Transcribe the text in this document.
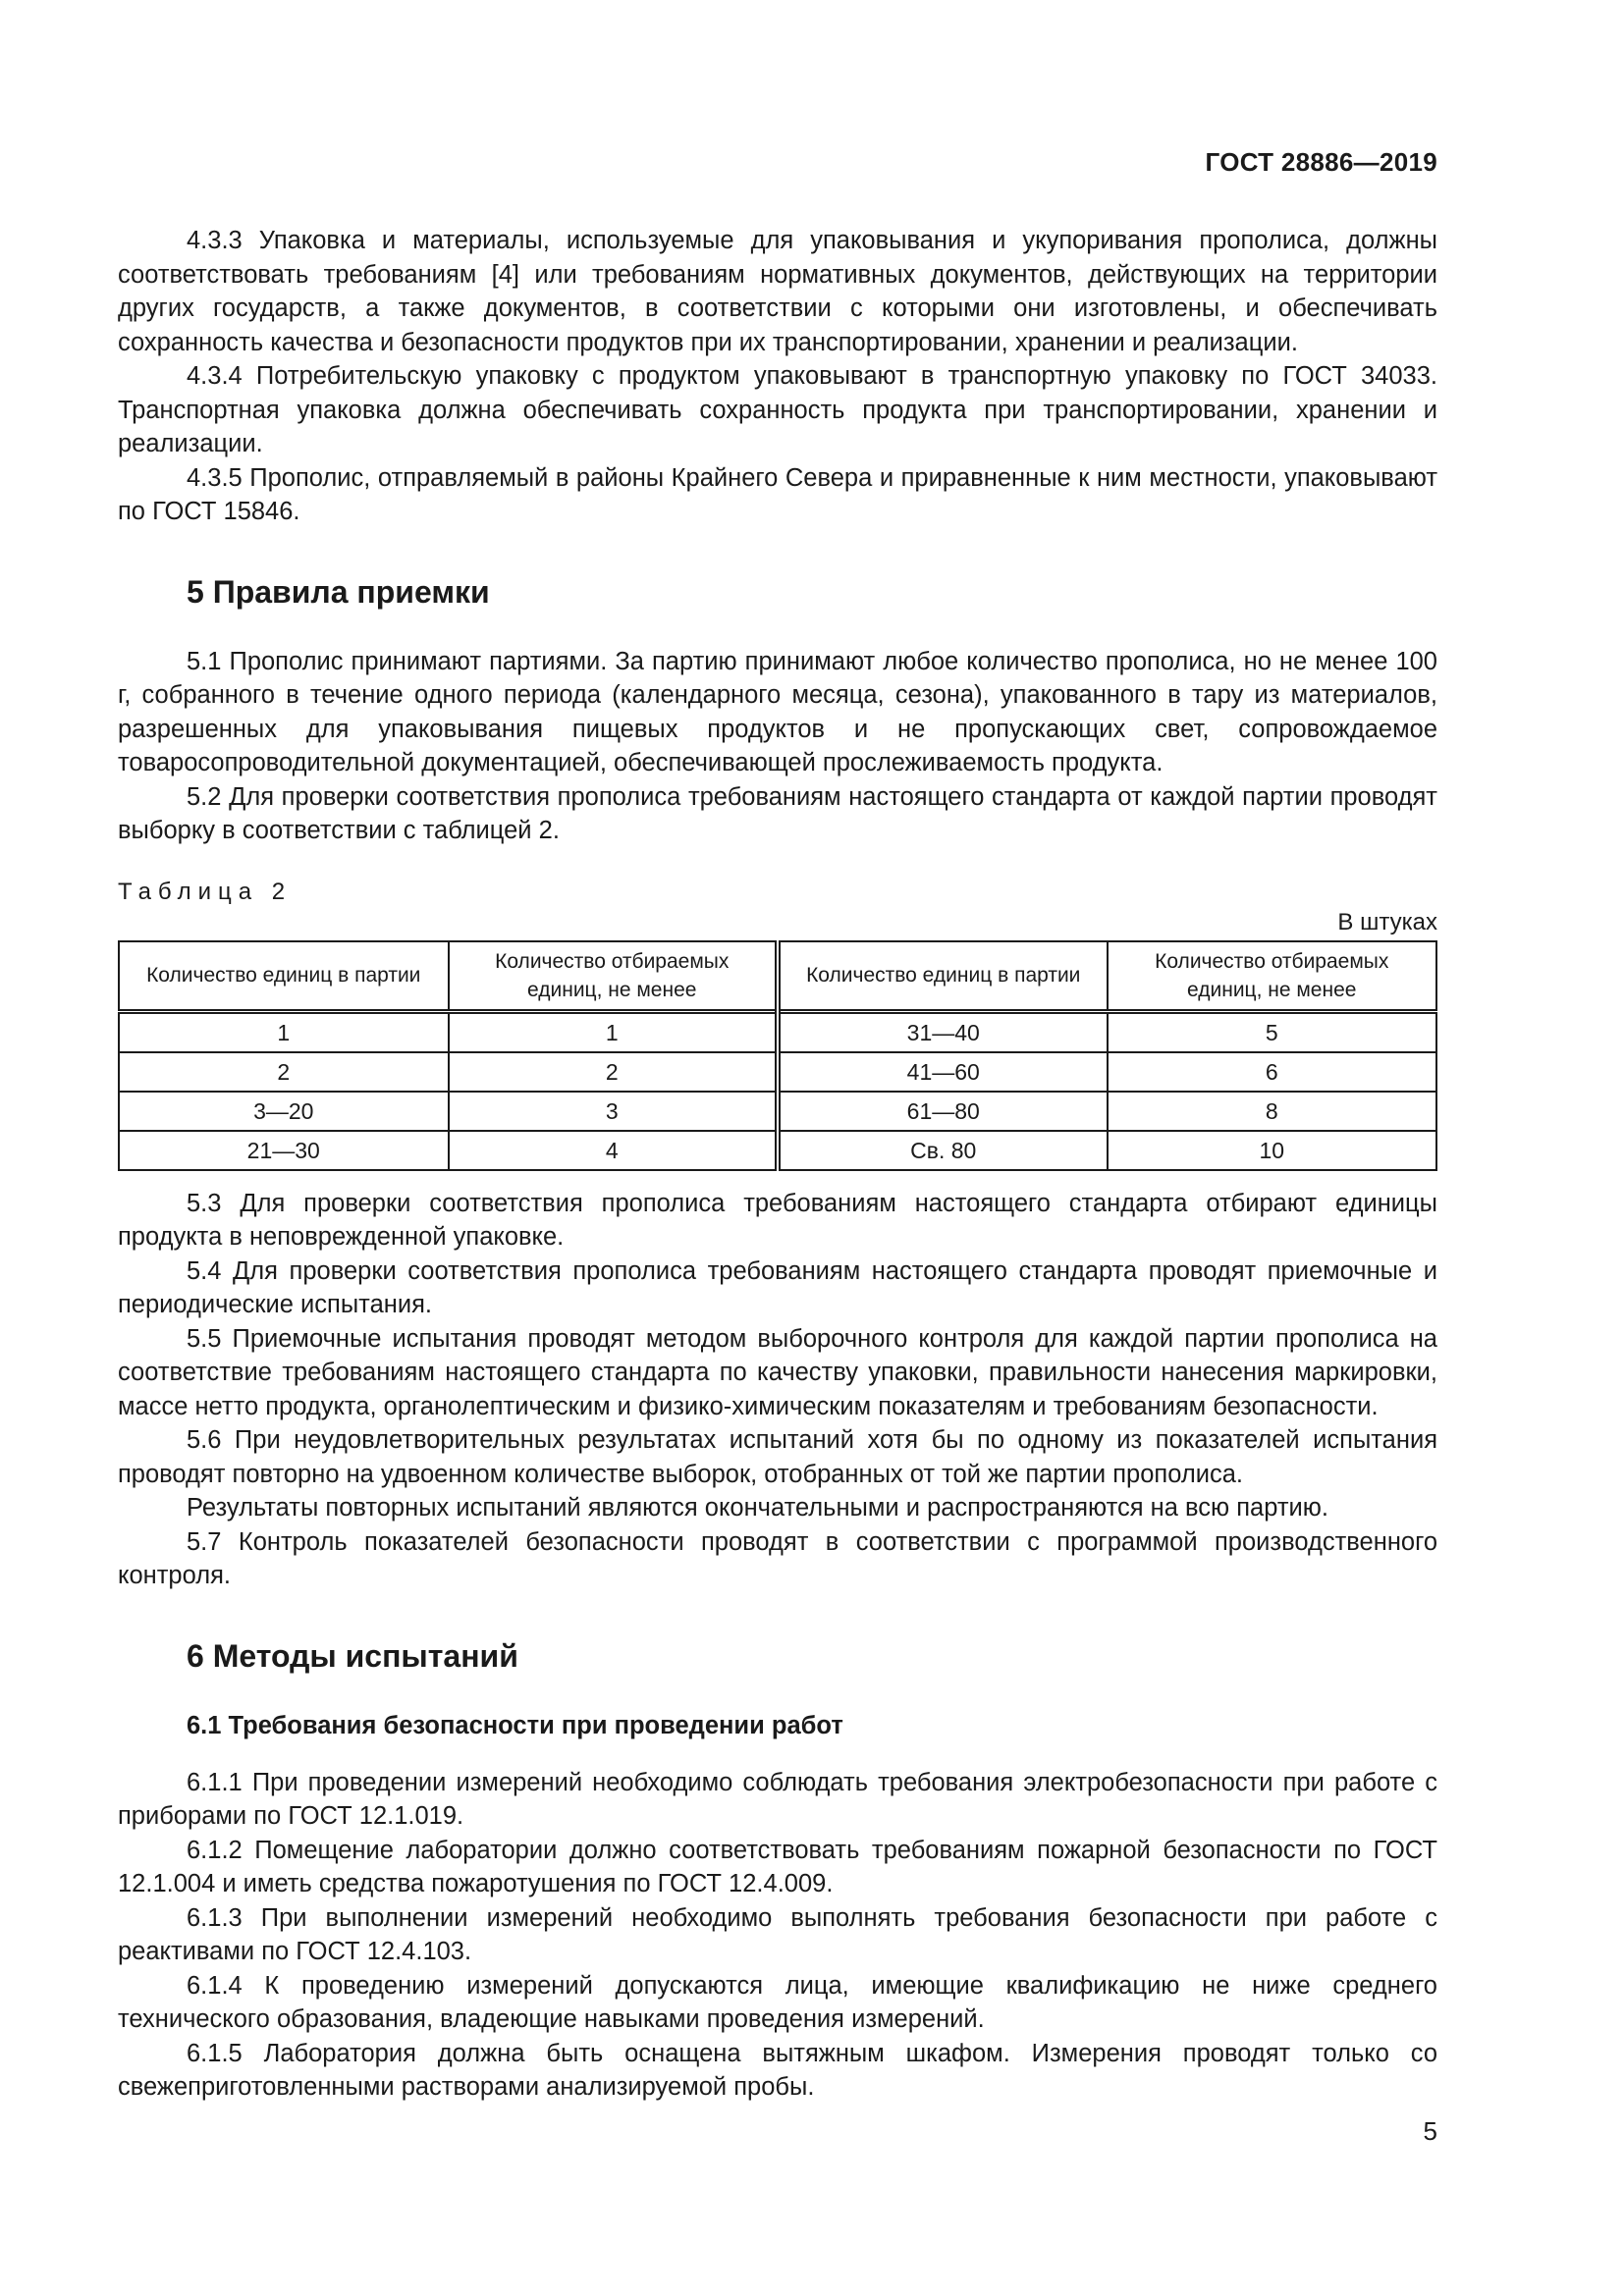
ГОСТ 28886—2019

4.3.3 Упаковка и материалы, используемые для упаковывания и укупоривания прополиса, должны соответствовать требованиям [4] или требованиям нормативных документов, действующих на территории других государств, а также документов, в соответствии с которыми они изготовлены, и обеспечивать сохранность качества и безопасности продуктов при их транспортировании, хранении и реализации.

4.3.4 Потребительскую упаковку с продуктом упаковывают в транспортную упаковку по ГОСТ 34033. Транспортная упаковка должна обеспечивать сохранность продукта при транспортировании, хранении и реализации.

4.3.5 Прополис, отправляемый в районы Крайнего Севера и приравненные к ним местности, упаковывают по ГОСТ 15846.

5 Правила приемки

5.1 Прополис принимают партиями. За партию принимают любое количество прополиса, но не менее 100 г, собранного в течение одного периода (календарного месяца, сезона), упакованного в тару из материалов, разрешенных для упаковывания пищевых продуктов и не пропускающих свет, сопровождаемое товаросопроводительной документацией, обеспечивающей прослеживаемость продукта.

5.2 Для проверки соответствия прополиса требованиям настоящего стандарта от каждой партии проводят выборку в соответствии с таблицей 2.

Таблица 2

В штуках

Количество единиц в партии	Количество отбираемых единиц, не менее	Количество единиц в партии	Количество отбираемых единиц, не менее
1	1	31—40	5
2	2	41—60	6
3—20	3	61—80	8
21—30	4	Св. 80	10

5.3 Для проверки соответствия прополиса требованиям настоящего стандарта отбирают единицы продукта в неповрежденной упаковке.

5.4 Для проверки соответствия прополиса требованиям настоящего стандарта проводят приемочные и периодические испытания.

5.5 Приемочные испытания проводят методом выборочного контроля для каждой партии прополиса на соответствие требованиям настоящего стандарта по качеству упаковки, правильности нанесения маркировки, массе нетто продукта, органолептическим и физико-химическим показателям и требованиям безопасности.

5.6 При неудовлетворительных результатах испытаний хотя бы по одному из показателей испытания проводят повторно на удвоенном количестве выборок, отобранных от той же партии прополиса.

Результаты повторных испытаний являются окончательными и распространяются на всю партию.

5.7 Контроль показателей безопасности проводят в соответствии с программой производственного контроля.

6 Методы испытаний
6.1 Требования безопасности при проведении работ

6.1.1 При проведении измерений необходимо соблюдать требования электробезопасности при работе с приборами по ГОСТ 12.1.019.

6.1.2 Помещение лаборатории должно соответствовать требованиям пожарной безопасности по ГОСТ 12.1.004 и иметь средства пожаротушения по ГОСТ 12.4.009.

6.1.3 При выполнении измерений необходимо выполнять требования безопасности при работе с реактивами по ГОСТ 12.4.103.

6.1.4 К проведению измерений допускаются лица, имеющие квалификацию не ниже среднего технического образования, владеющие навыками проведения измерений.

6.1.5 Лаборатория должна быть оснащена вытяжным шкафом. Измерения проводят только со свежеприготовленными растворами анализируемой пробы.

5
